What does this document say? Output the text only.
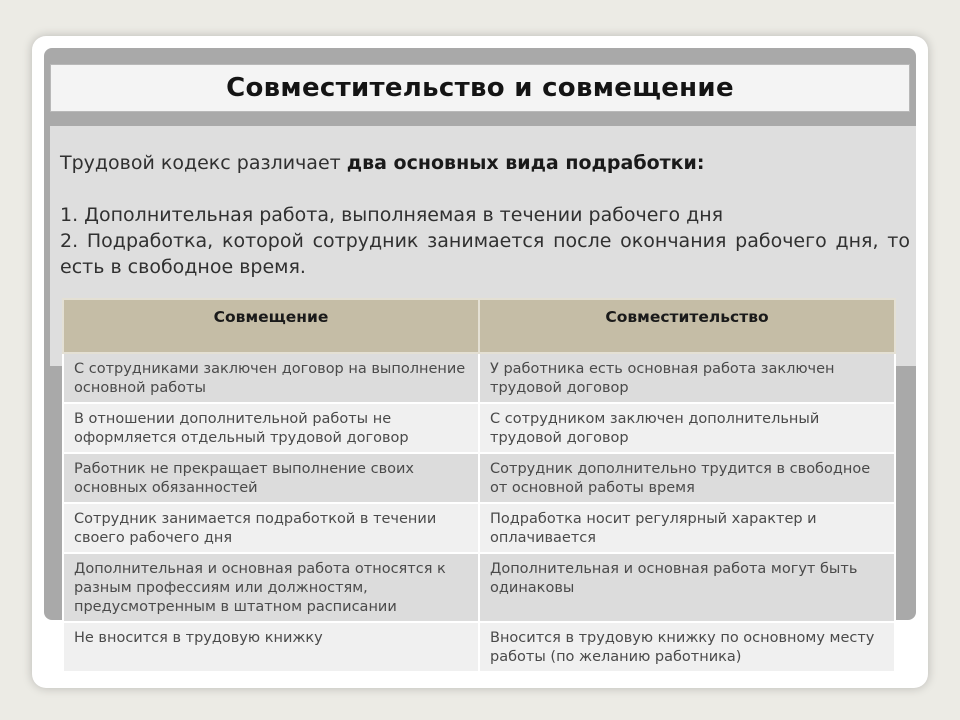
Совместительство и совмещение

Трудовой кодекс различает два основных вида подработки:

1. Дополнительная работа, выполняемая в течении рабочего дня

2. Подработка, которой сотрудник занимается после окончания рабочего дня, то есть в свободное время.

Совмещение	Совместительство
С сотрудниками заключен договор на выполнение основной работы	У работника есть основная работа заключен трудовой договор
В отношении дополнительной работы не оформляется отдельный трудовой договор	С сотрудником заключен дополнительный трудовой договор
Работник не прекращает выполнение своих основных обязанностей	Сотрудник дополнительно трудится в свободное от основной работы время
Сотрудник занимается подработкой в течении своего рабочего дня	Подработка носит регулярный характер и оплачивается
Дополнительная и основная работа относятся к разным профессиям или должностям, предусмотренным в штатном расписании	Дополнительная и основная работа могут быть одинаковы
Не вносится в трудовую книжку	Вносится в трудовую книжку по основному месту работы (по желанию работника)
